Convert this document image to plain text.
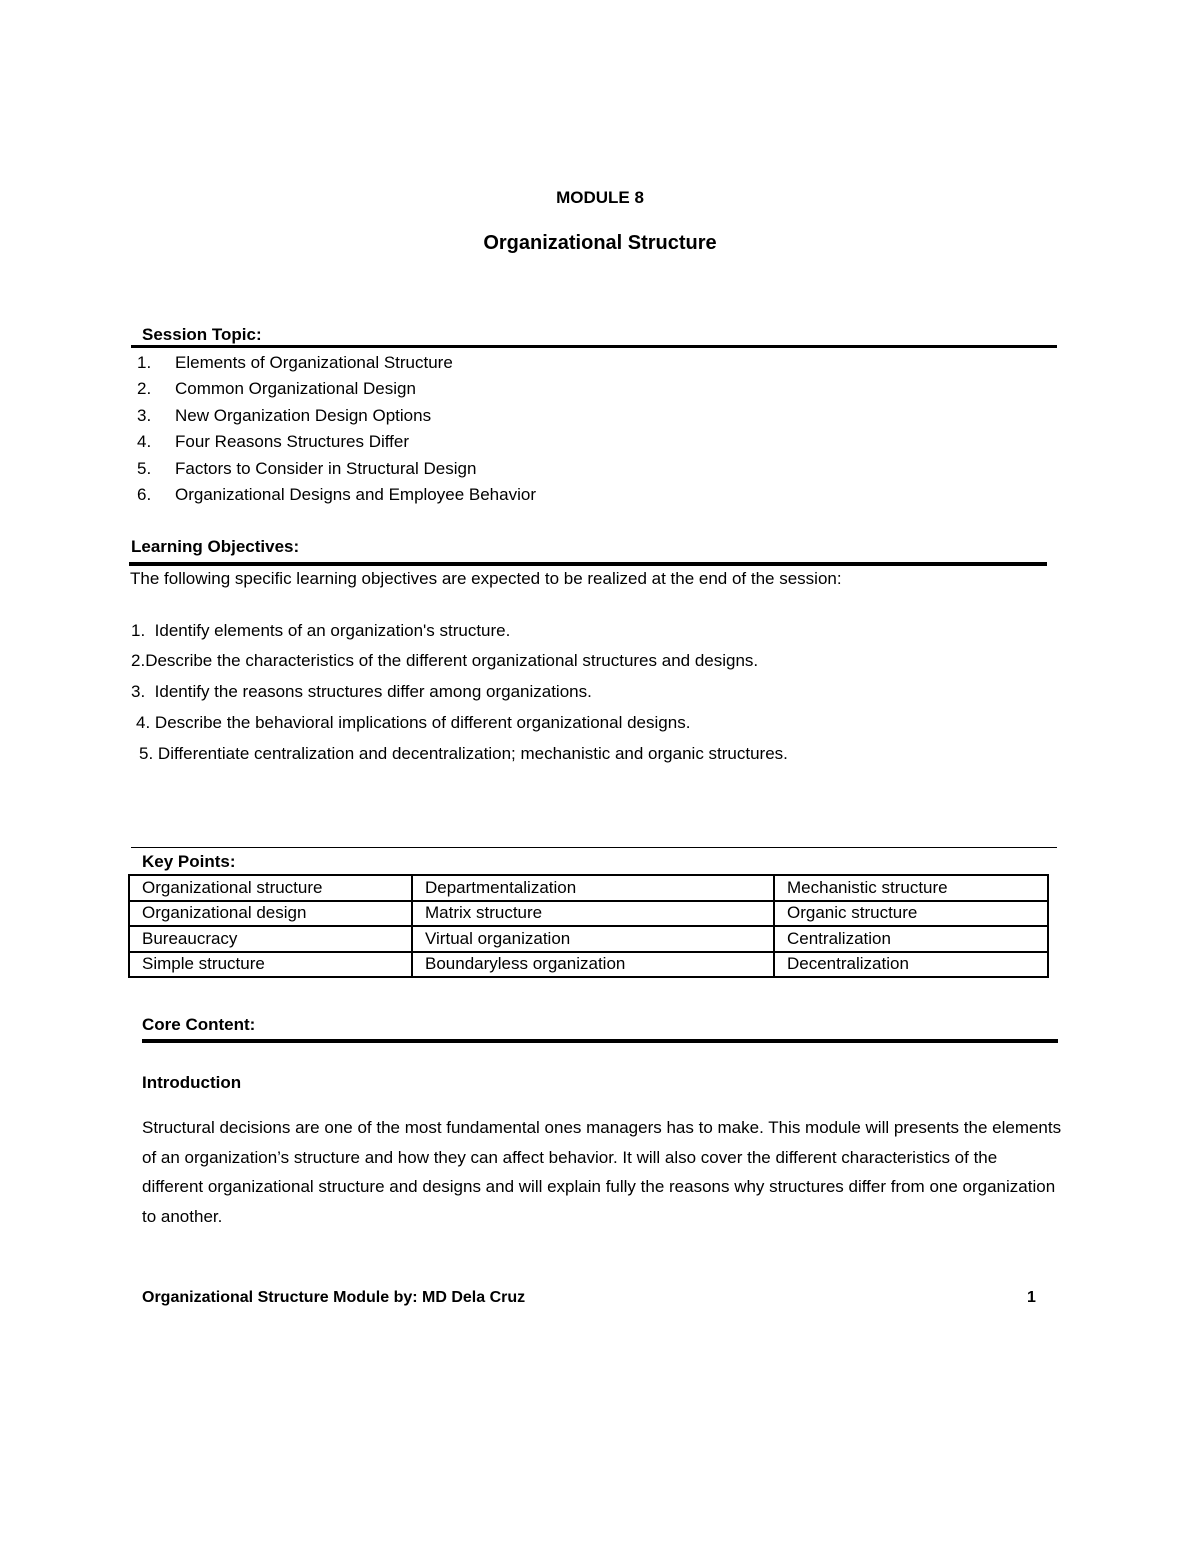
MODULE 8
Organizational Structure
Session Topic:
1. Elements of Organizational Structure
2. Common Organizational Design
3. New Organization Design Options
4. Four Reasons Structures Differ
5. Factors to Consider in Structural Design
6. Organizational Designs and Employee Behavior
Learning Objectives:
The following specific learning objectives are expected to be realized at the end of the session:
1. Identify elements of an organization's structure.
2.Describe the characteristics of the different organizational structures and designs.
3. Identify the reasons structures differ among organizations.
4. Describe the behavioral implications of different organizational designs.
5. Differentiate centralization and decentralization; mechanistic and organic structures.
Key Points:
Organizational structure	Departmentalization	Mechanistic structure
Organizational design	Matrix structure	Organic structure
Bureaucracy	Virtual organization	Centralization
Simple structure	Boundaryless organization	Decentralization
Core Content:
Introduction
Structural decisions are one of the most fundamental ones managers has to make. This module will presents the elements of an organization’s structure and how they can affect behavior. It will also cover the different characteristics of the different organizational structure and designs and will explain fully the reasons why structures differ from one organization to another.
Organizational Structure Module by: MD Dela Cruz	1
